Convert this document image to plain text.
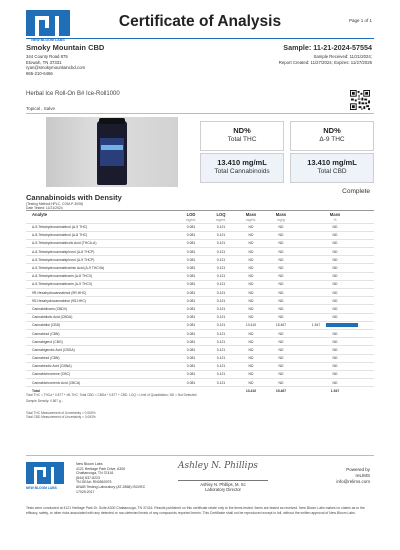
NEW BLOOM LABS
Certificate of Analysis	Page 1 of 1
Smoky Mountain CBD
344 County Road 875
Etowah, TN 37331
ryan@smokymountaincbd.com
865-210-6466
Sample: 11-21-2024-57554
Sample Received: 11/21/2024;
Report Created: 11/27/2024; Expires: 11/27/2025
Herbal Ice Roll-On B# Ice-Roll1000
Topical , Salve
ND%
Total THC
ND%
Δ-9 THC
13.410 mg/mL
Total Cannabinoids
13.410 mg/mL
Total CBD
Cannabinoids with Density
Complete
(Testing Method:HPLC, COM-P-3008)
Date Tested: 11/21/2024
Analyte	LOD	LOQ	Mass	Mass	Mass
	mg/mL	mg/mL	mg/mL	mg/g	%
Δ-9-Tetrahydrocannabinol (Δ-9 THC)	0.081	0.121	ND	ND	ND
Δ-8-Tetrahydrocannabinol (Δ-8 THC)	0.081	0.121	ND	ND	ND
Δ-9-Tetrahydrocannabinolic Acid (THCA-A)	0.081	0.121	ND	ND	ND
Δ-8-Tetrahydrocannabiphorol (Δ-8 THCP)	0.081	0.121	ND	ND	ND
Δ-9-Tetrahydrocannabiphorol (Δ-9 THCP)	0.081	0.121	ND	ND	ND
Δ-9-Tetrahydrocannabivarinic Acid (Δ-9 THCVA)	0.081	0.121	ND	ND	ND
Δ-8-Tetrahydrocannabivarin (Δ-8 THCV)	0.081	0.121	ND	ND	ND
Δ-9-Tetrahydrocannabivarin (Δ-9 THCV)	0.081	0.121	ND	ND	ND
9R-Hexahydrocannabinol (9R-HHC)	0.081	0.121	ND	ND	ND
9S-Hexahydrocannabinol (9S-HHC)	0.081	0.121	ND	ND	ND
Cannabidivarin (CBDV)	0.081	0.121	ND	ND	ND
Cannabidiolic Acid (CBDA)	0.081	0.121	ND	ND	ND
Cannabidiol (CBD)	0.081	0.121	13.410	15.467	1.547
Cannabinol (CBN)	0.081	0.121	ND	ND	ND
Cannabigerol (CBG)	0.081	0.121	ND	ND	ND
Cannabigerolic Acid (CBGA)	0.081	0.121	ND	ND	ND
Cannabinol (CBN)	0.081	0.121	ND	ND	ND
Cannabinolic Acid (CBNA)	0.081	0.121	ND	ND	ND
Cannabichromene (CBC)	0.081	0.121	ND	ND	ND
Cannabichromenic Acid (CBCA)	0.081	0.121	ND	ND	ND
Total			13.410	15.467	1.547
Total THC = THCa * 0.877 + d9-THC; Total CBD = CBDa * 0.877 + CBD. LOQ = Limit of Quantitation; ND = Not Detected.
Sample Density: 0.867 g...
Total THC Measurement of Uncertainty = 0.060%
Total CBD Measurement of Uncertainty = 0.063%
NEW BLOOM LABS
New Bloom Labs
4121 Heritage Park Drive, A300
Chattanooga, TN 37416
(844) 837-8223
TN DEA#: RN0563975
ANAB Testing Laboratory (AT-2868) ISO/IEC
17025:2017
Ashley N. Phillips
Ashley N. Phillips, M. Sc
Laboratory Director
Powered by
reLIMS
info@relims.com
Tests were conducted at 4121 Heritage Park Dr. Suite A300 Chattanooga, TN 37416. Results published on this certificate relate only to the items tested. Items are tested as received. New Bloom Labs makes no claims as to the efficacy, safety, or other risks associated with any detected or non-detected levels of any compounds reported herein. This Certificate shall not be reproduced except in full, without the written approval of New Bloom Labs.
